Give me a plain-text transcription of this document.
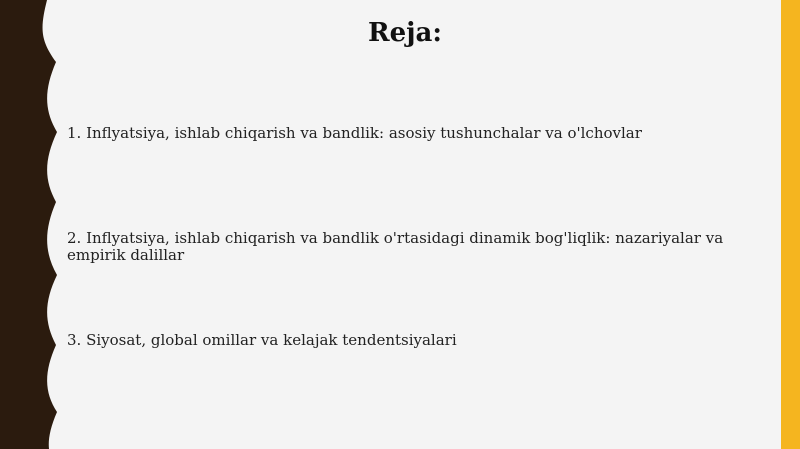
Reja:

1. Inflyatsiya, ishlab chiqarish va bandlik: asosiy tushunchalar va o'lchovlar

2. Inflyatsiya, ishlab chiqarish va bandlik o'rtasidagi dinamik bog'liqlik: nazariyalar va empirik dalillar

3. Siyosat, global omillar va kelajak tendentsiyalari
